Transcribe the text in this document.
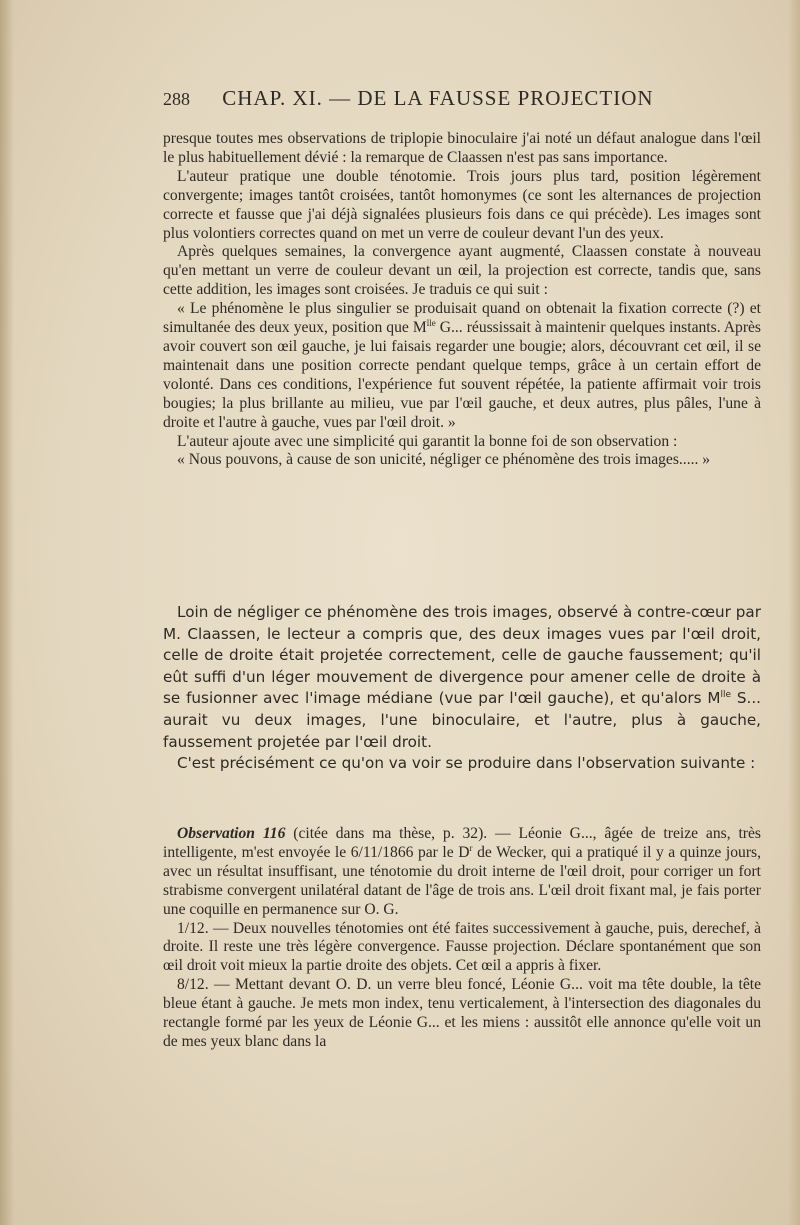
288 CHAP. XI. — DE LA FAUSSE PROJECTION

presque toutes mes observations de triplopie binoculaire j'ai noté un défaut analogue dans l'œil le plus habituellement dévié : la remarque de Claassen n'est pas sans importance.

L'auteur pratique une double ténotomie. Trois jours plus tard, position légèrement convergente; images tantôt croisées, tantôt homonymes (ce sont les alternances de projection correcte et fausse que j'ai déjà signalées plusieurs fois dans ce qui précède). Les images sont plus volontiers correctes quand on met un verre de couleur devant l'un des yeux.

Après quelques semaines, la convergence ayant augmenté, Claassen constate à nouveau qu'en mettant un verre de couleur devant un œil, la projection est correcte, tandis que, sans cette addition, les images sont croisées. Je traduis ce qui suit :

« Le phénomène le plus singulier se produisait quand on obtenait la fixation correcte (?) et simultanée des deux yeux, position que $M^{lle}$ G... réussissait à maintenir quelques instants. Après avoir couvert son œil gauche, je lui faisais regarder une bougie; alors, découvrant cet œil, il se maintenait dans une position correcte pendant quelque temps, grâce à un certain effort de volonté. Dans ces conditions, l'expérience fut souvent répétée, la patiente affirmait voir trois bougies; la plus brillante au milieu, vue par l'œil gauche, et deux autres, plus pâles, l'une à droite et l'autre à gauche, vues par l'œil droit. »

L'auteur ajoute avec une simplicité qui garantit la bonne foi de son observation :

« Nous pouvons, à cause de son unicité, négliger ce phénomène des trois images..... »

Loin de négliger ce phénomène des trois images, observé à contre-cœur par M. Claassen, le lecteur a compris que, des deux images vues par l'œil droit, celle de droite était projetée correctement, celle de gauche faussement; qu'il eût suffi d'un léger mouvement de divergence pour amener celle de droite à se fusionner avec l'image médiane (vue par l'œil gauche), et qu'alors $M^{lle}$ S... aurait vu deux images, l'une binoculaire, et l'autre, plus à gauche, faussement projetée par l'œil droit.

C'est précisément ce qu'on va voir se produire dans l'observation suivante :

Observation 116 (citée dans ma thèse, p. 32). — Léonie G..., âgée de treize ans, très intelligente, m'est envoyée le 6/11/1866 par le $D^r$ de Wecker, qui a pratiqué il y a quinze jours, avec un résultat insuffisant, une ténotomie du droit interne de l'œil droit, pour corriger un fort strabisme convergent unilatéral datant de l'âge de trois ans. L'œil droit fixant mal, je fais porter une coquille en permanence sur O. G.

1/12. — Deux nouvelles ténotomies ont été faites successivement à gauche, puis, derechef, à droite. Il reste une très légère convergence. Fausse projection. Déclare spontanément que son œil droit voit mieux la partie droite des objets. Cet œil a appris à fixer.

8/12. — Mettant devant O. D. un verre bleu foncé, Léonie G... voit ma tête double, la tête bleue étant à gauche. Je mets mon index, tenu verticalement, à l'intersection des diagonales du rectangle formé par les yeux de Léonie G... et les miens : aussitôt elle annonce qu'elle voit un de mes yeux blanc dans la
